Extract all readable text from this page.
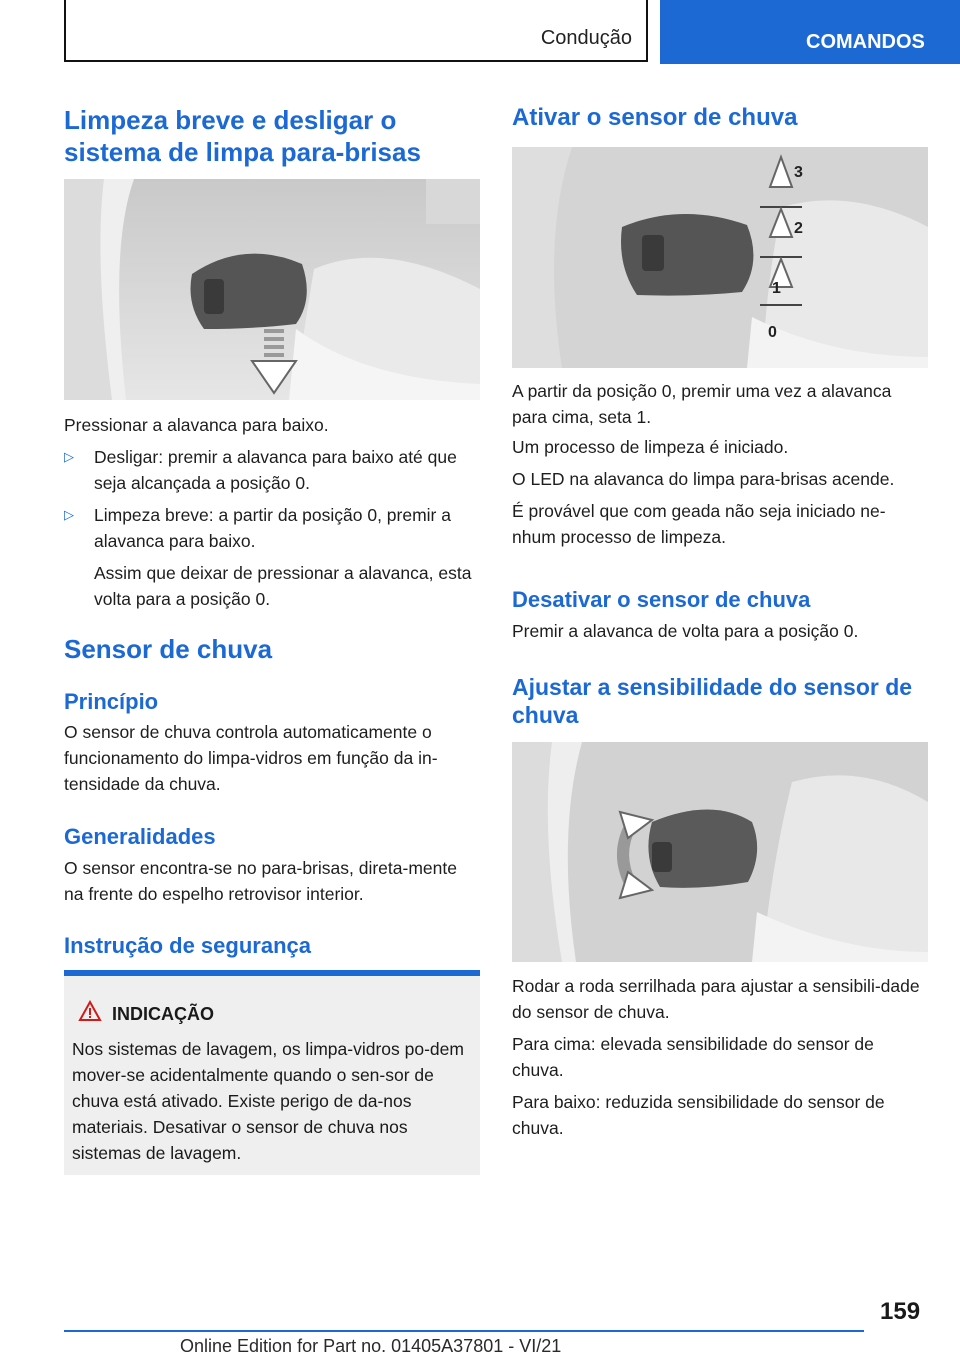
Condução	COMANDOS
Limpeza breve e desligar o sistema de limpa para-brisas

Pressionar a alavanca para baixo.

▷ Desligar: premir a alavanca para baixo até que seja alcançada a posição 0.
▷ Limpeza breve: a partir da posição 0, premir a alavanca para baixo.

Assim que deixar de pressionar a alavanca, esta volta para a posição 0.

Sensor de chuva
Princípio

O sensor de chuva controla automaticamente o funcionamento do limpa-vidros em função da in-tensidade da chuva.

Generalidades

O sensor encontra-se no para-brisas, direta-mente na frente do espelho retrovisor interior.

Instrução de segurança
INDICAÇÃO

Nos sistemas de lavagem, os limpa-vidros po-dem mover-se acidentalmente quando o sen-sor de chuva está ativado. Existe perigo de da-nos materiais. Desativar o sensor de chuva nos sistemas de lavagem.

Ativar o sensor de chuva
3
2
1
0

A partir da posição 0, premir uma vez a alavanca para cima, seta 1.

Um processo de limpeza é iniciado.

O LED na alavanca do limpa para-brisas acende.

É provável que com geada não seja iniciado ne-nhum processo de limpeza.

Desativar o sensor de chuva

Premir a alavanca de volta para a posição 0.

Ajustar a sensibilidade do sensor de chuva

Rodar a roda serrilhada para ajustar a sensibili-dade do sensor de chuva.

Para cima: elevada sensibilidade do sensor de chuva.

Para baixo: reduzida sensibilidade do sensor de chuva.

159
Online Edition for Part no. 01405A37801 - VI/21
